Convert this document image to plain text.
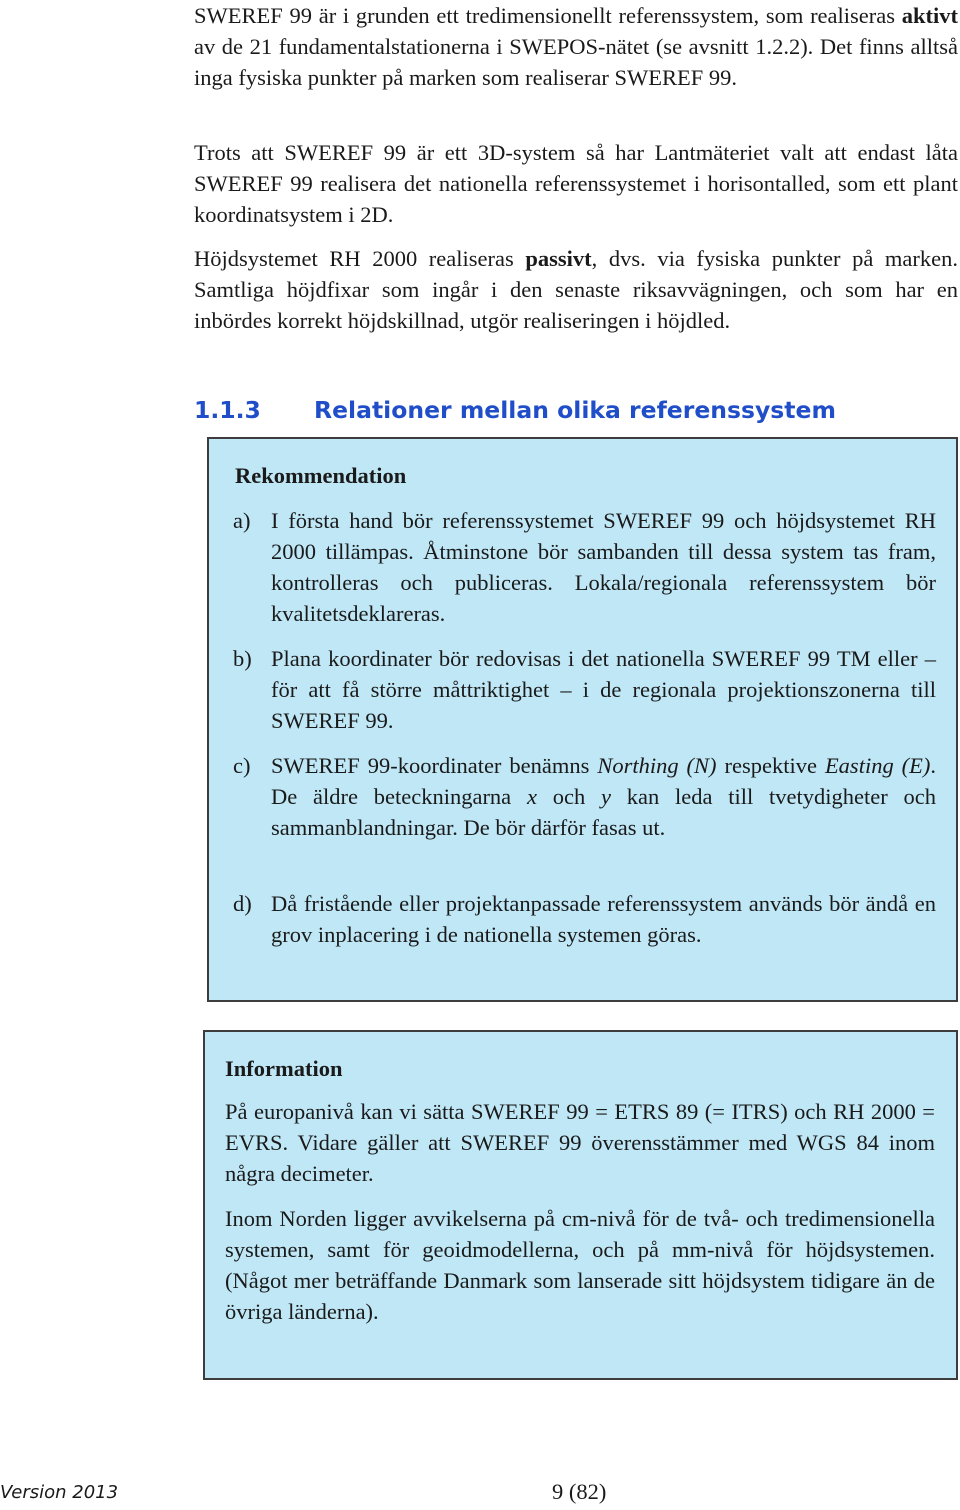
SWEREF 99 är i grunden ett tredimensionellt referenssystem, som realiseras aktivt av de 21 fundamentalstationerna i SWEPOS-nätet (se avsnitt 1.2.2). Det finns alltså inga fysiska punkter på marken som realiserar SWEREF 99.

Trots att SWEREF 99 är ett 3D-system så har Lantmäteriet valt att endast låta SWEREF 99 realisera det nationella referenssystemet i horisontalled, som ett plant koordinatsystem i 2D.

Höjdsystemet RH 2000 realiseras passivt, dvs. via fysiska punkter på marken. Samtliga höjdfixar som ingår i den senaste riksavvägningen, och som har en inbördes korrekt höjdskillnad, utgör realiseringen i höjdled.

1.1.3 Relationer mellan olika referenssystem

Rekommendation

a) I första hand bör referenssystemet SWEREF 99 och höjdsystemet RH 2000 tillämpas. Åtminstone bör sambanden till dessa system tas fram, kontrolleras och publiceras. Lokala/regionala referenssystem bör kvalitetsdeklareras.
b) Plana koordinater bör redovisas i det nationella SWEREF 99 TM eller – för att få större måttriktighet – i de regionala projektionszonerna till SWEREF 99.
c) SWEREF 99-koordinater benämns Northing (N) respektive Easting (E). De äldre beteckningarna x och y kan leda till tvetydigheter och sammanblandningar. De bör därför fasas ut.
d) Då fristående eller projektanpassade referenssystem används bör ändå en grov inplacering i de nationella systemen göras.

Information

På europanivå kan vi sätta SWEREF 99 = ETRS 89 (= ITRS) och RH 2000 = EVRS. Vidare gäller att SWEREF 99 överensstämmer med WGS 84 inom några decimeter.

Inom Norden ligger avvikelserna på cm-nivå för de två- och tredimensionella systemen, samt för geoidmodellerna, och på mm-nivå för höjdsystemen. (Något mer beträffande Danmark som lanserade sitt höjdsystem tidigare än de övriga länderna).

Version 2013	9 (82)
